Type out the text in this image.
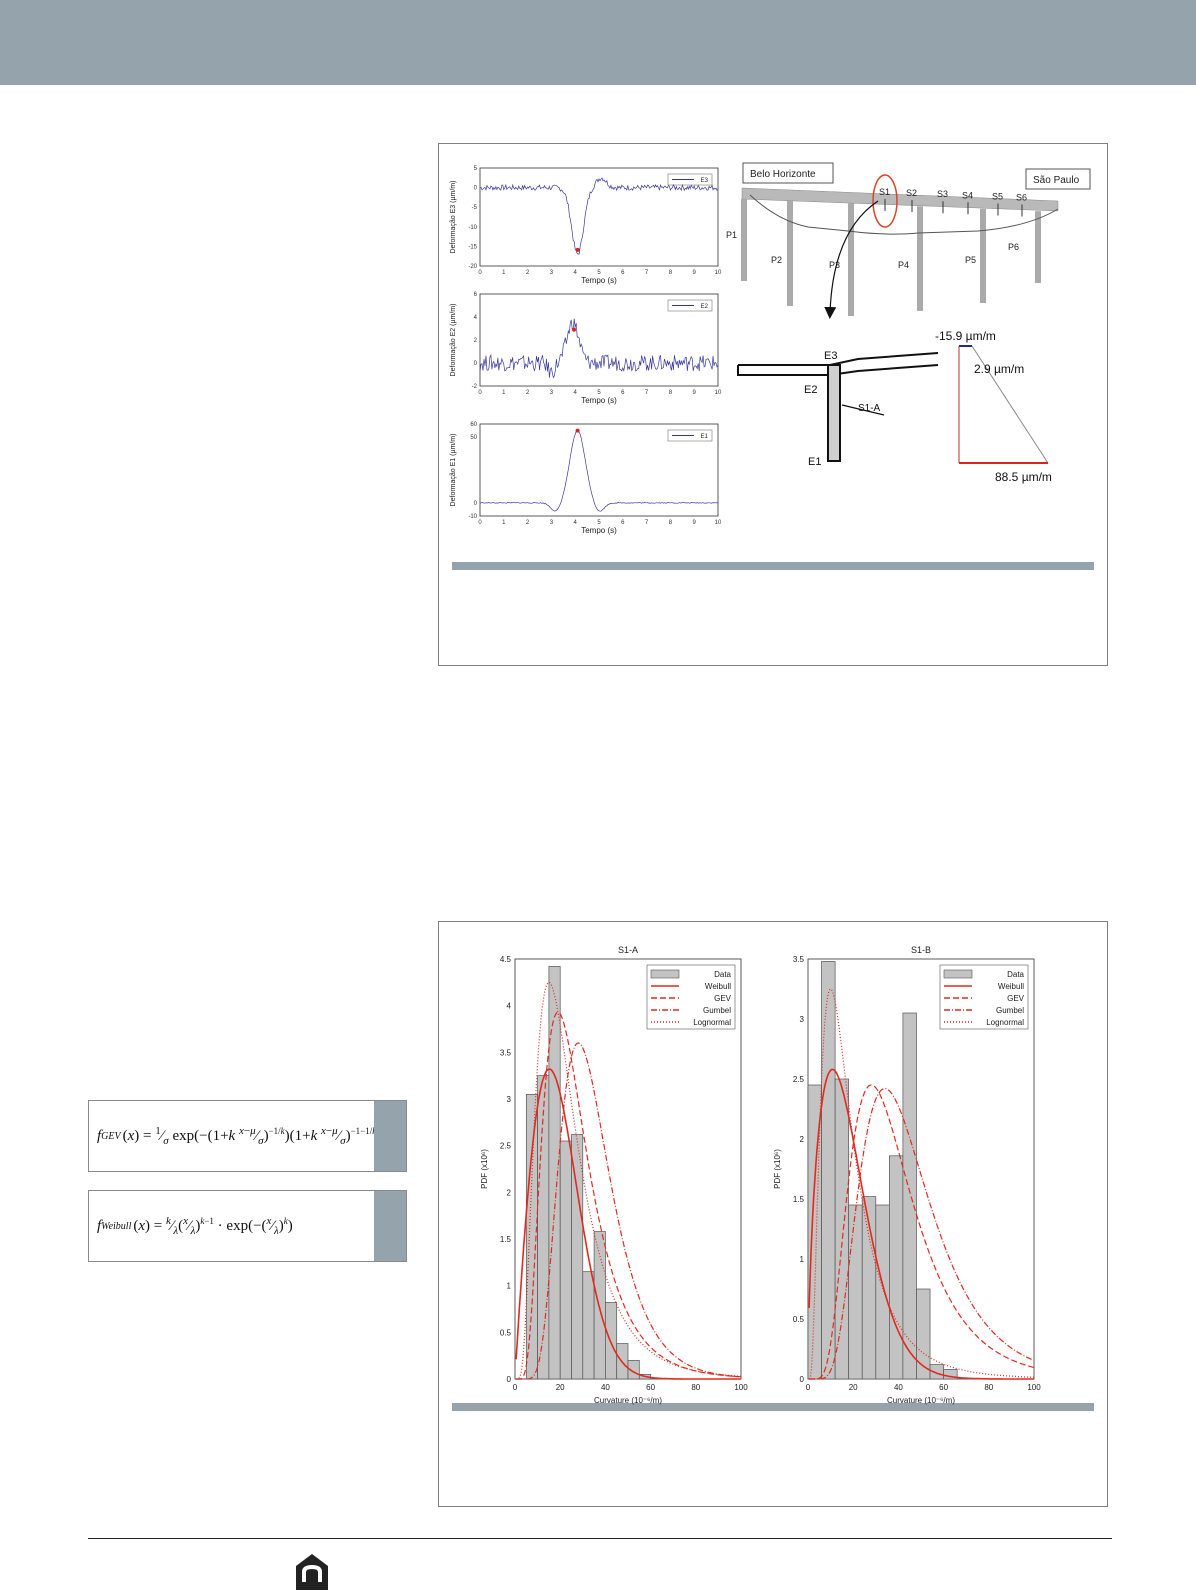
0	1	2	3	4	5	6	7	8	9	10
5
0
-5
-10
-15
-20
Tempo (s)
Deformação E3 (µm/m)	E3
0	1	2	3	4	5	6	7	8	9	10
6
4
2
0
-2
Tempo (s)
Deformação E2 (µm/m)	E2
0	1	2	3	4	5	6	7	8	9	10
60
50
0
-10
Tempo (s)
Deformação E1 (µm/m)	E1
Belo Horizonte
São Paulo
P1
P2	P3	P4	P5
P6
S1 S2 S3 S4 S5 S6
E3
E2
E1
S1-A
-15.9 µm/m
2.9 µm/m
88.5 µm/m
f GEV $(x) = ^1⁄_\sigma$ exp(−(1+k $^{x-\mu}⁄_\sigma)^{-1/k})(1+k$ $^{x-\mu}⁄_\sigma)^{-1-1/}$
f Weibull $(x) = ^k⁄_\lambda(^x⁄_\lambda)^{k-1}$ · $\exp(-(^x⁄_\lambda)^k)$
S1-A
0	20	40	60	80	100
0
0.5
1
1.5
2
2.5
3
3.5
4
4.5
Curvature (10⁻⁶/m)
PDF (x10⁶)
Data
Weibull
GEV
Gumbel
Lognormal
S1-B
0	20	40	60	80	100
0
0.5
1
1.5
2
2.5
3
3.5
Curvature (10⁻⁶/m)
PDF (x10⁶)
Data
Weibull
GEV
Gumbel
Lognormal
